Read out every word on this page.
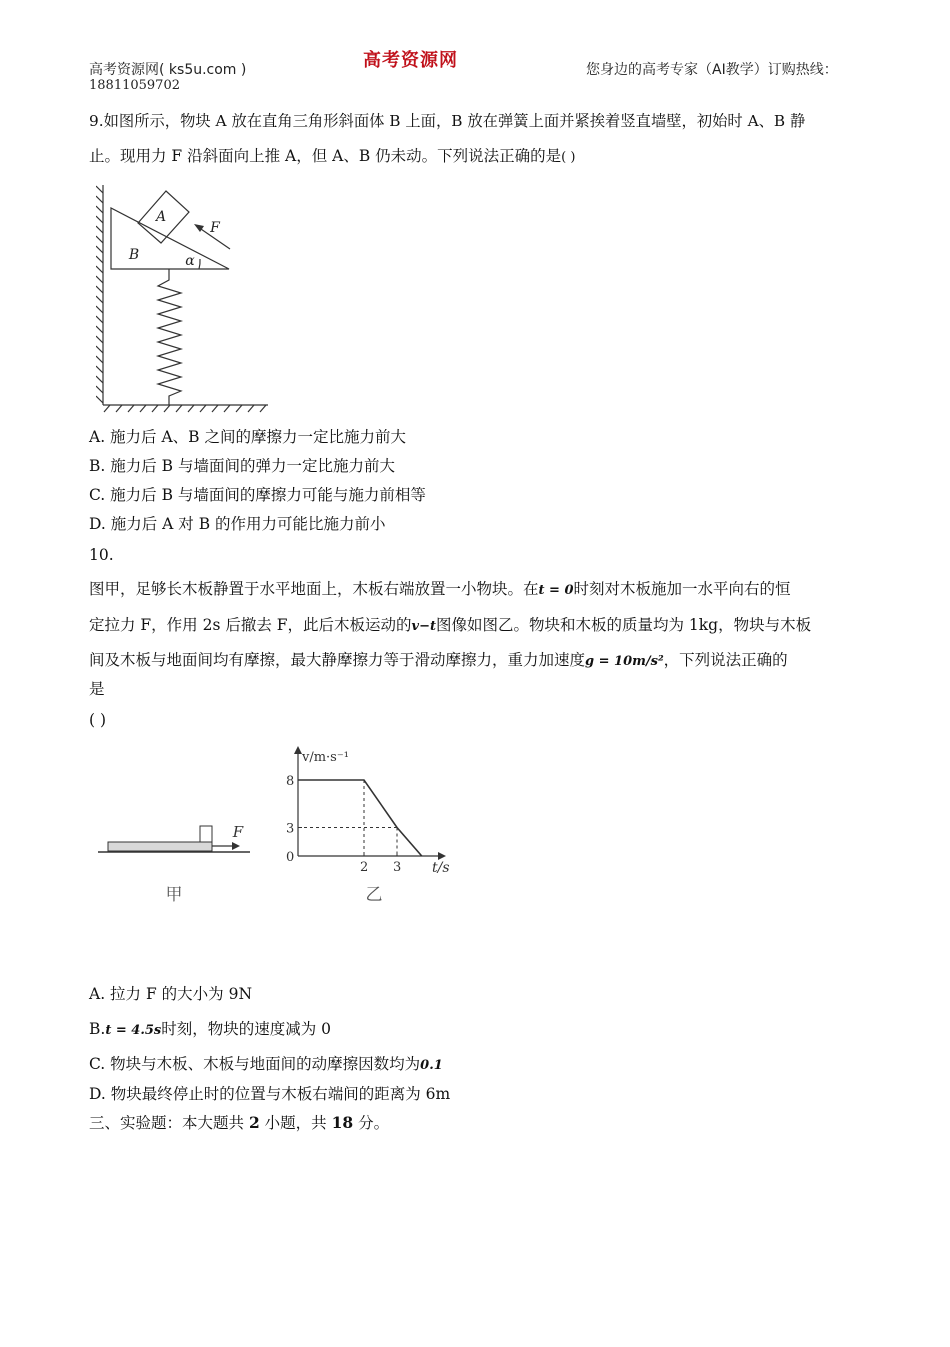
高考资源网( ks5u.com )	高考资源网	您身边的高考专家（AI教学）订购热线：
18811059702
9.如图所示，物块 A 放在直角三角形斜面体 B 上面，B 放在弹簧上面并紧挨着竖直墙壁，初始时 A、B 静
止。现用力 F 沿斜面向上推 A，但 A、B 仍未动。下列说法正确的是( )
A
B
F
α
A. 施力后 A、B 之间的摩擦力一定比施力前大
B. 施力后 B 与墙面间的弹力一定比施力前大
C. 施力后 B 与墙面间的摩擦力可能与施力前相等
D. 施力后 A 对 B 的作用力可能比施力前小
10.
图甲，足够长木板静置于水平地面上，木板右端放置一小物块。在t = 0时刻对木板施加一水平向右的恒
定拉力 F，作用 2s 后撤去 F，此后木板运动的v−t图像如图乙。物块和木板的质量均为 1kg，物块与木板
间及木板与地面间均有摩擦，最大静摩擦力等于滑动摩擦力，重力加速度g = 10m/s²，下列说法正确的
是
( )
F
甲
v/m·s⁻¹
t/s
0
2 3
3
8
乙
A. 拉力 F 的大小为 9N
B.t = 4.5s时刻，物块的速度减为 0
C. 物块与木板、木板与地面间的动摩擦因数均为0.1
D. 物块最终停止时的位置与木板右端间的距离为 6m
三、实验题：本大题共 2 小题，共 18 分。
